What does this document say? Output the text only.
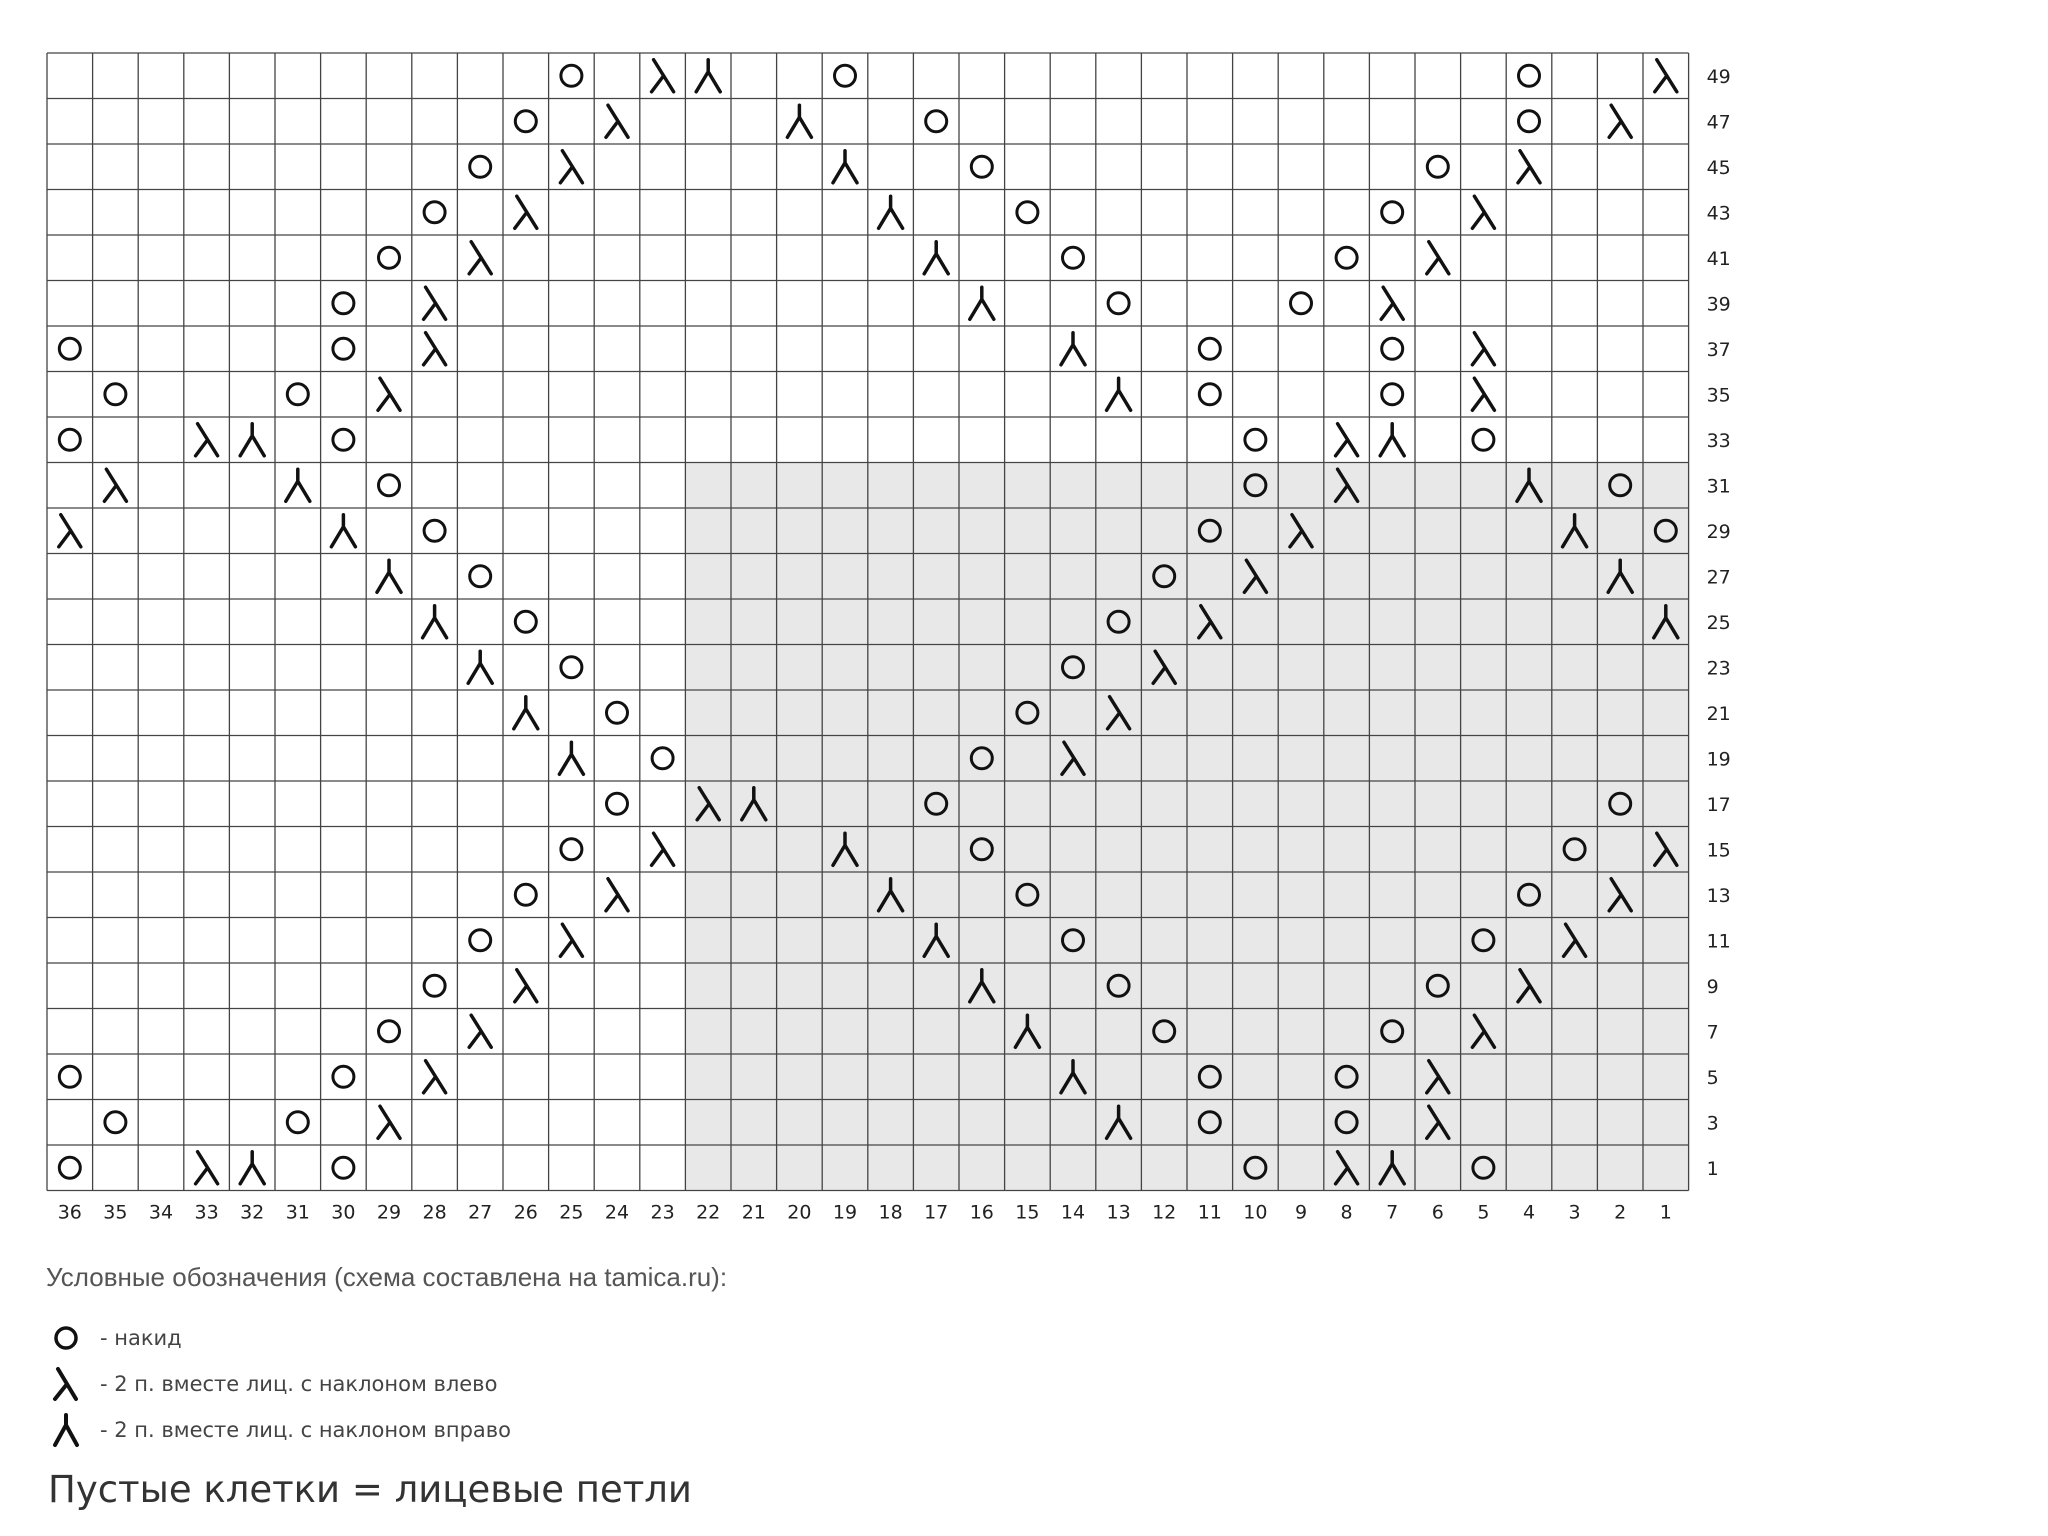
36 35 34 33 32 31 30 29 28 27 26 25 24 23 22 21 20 19 18 17 16 15 14 13 12 11 10 9 8 7 6 5 4 3 2 1
49
47
45
43
41
39
37
35
33
31
29
27
25
23
21
19
17
15
13
11
9
7
5
3
1
Условные обозначения (схема составлена на tamica.ru):
- накид
- 2 п. вместе лиц. с наклоном влево
- 2 п. вместе лиц. с наклоном вправо
Пустые клетки = лицевые петли
